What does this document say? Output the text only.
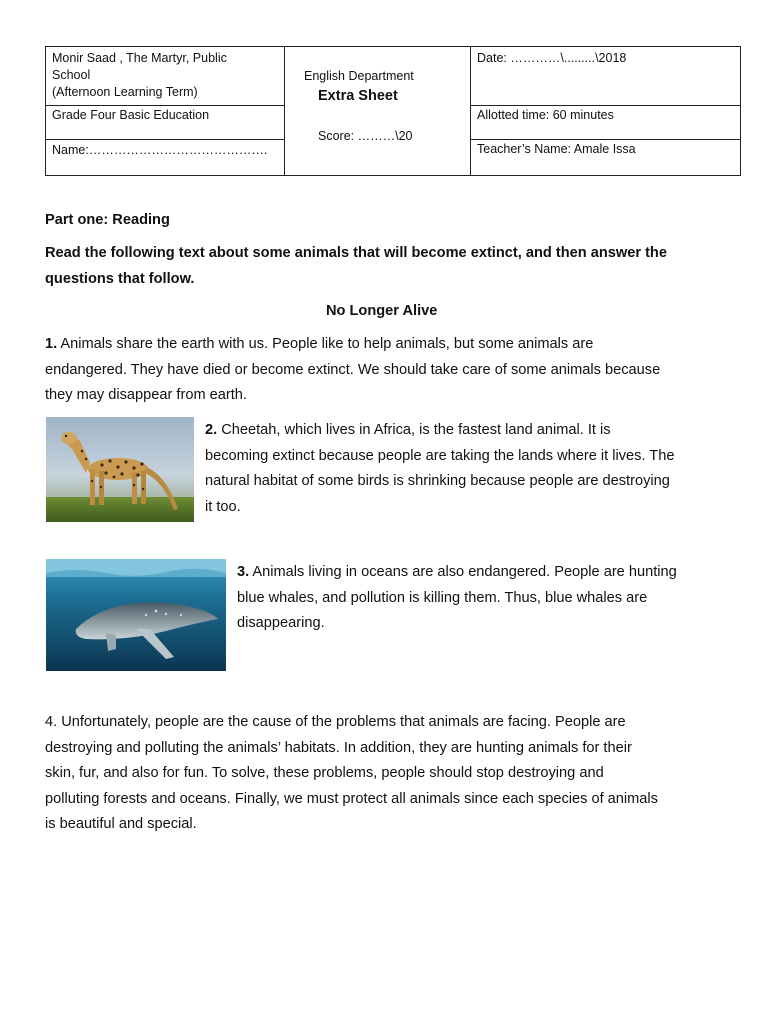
Monir Saad , The Martyr, Public
School
(Afternoon Learning Term)
Grade Four Basic Education
Name:…………………………………….
English Department
Extra Sheet
Score: ………\20
Date: …………\.........\2018
Allotted time: 60 minutes
Teacher’s Name: Amale Issa

Part one: Reading

Read the following text about some animals that will become extinct, and then answer the
questions that follow.

No Longer Alive

1. Animals share the earth with us. People like to help animals, but some animals are
endangered. They have died or become extinct. We should take care of some animals because
they may disappear from earth.
2. Cheetah, which lives in Africa, is the fastest land animal. It is
becoming extinct because people are taking the lands where it lives. The
natural habitat of some birds is shrinking because people are destroying
it too.
3. Animals living in oceans are also endangered. People are hunting
blue whales, and pollution is killing them. Thus, blue whales are
disappearing.
4. Unfortunately, people are the cause of the problems that animals are facing. People are
destroying and polluting the animals’ habitats. In addition, they are hunting animals for their
skin, fur, and also for fun. To solve, these problems, people should stop destroying and
polluting forests and oceans. Finally, we must protect all animals since each species of animals
is beautiful and special.
